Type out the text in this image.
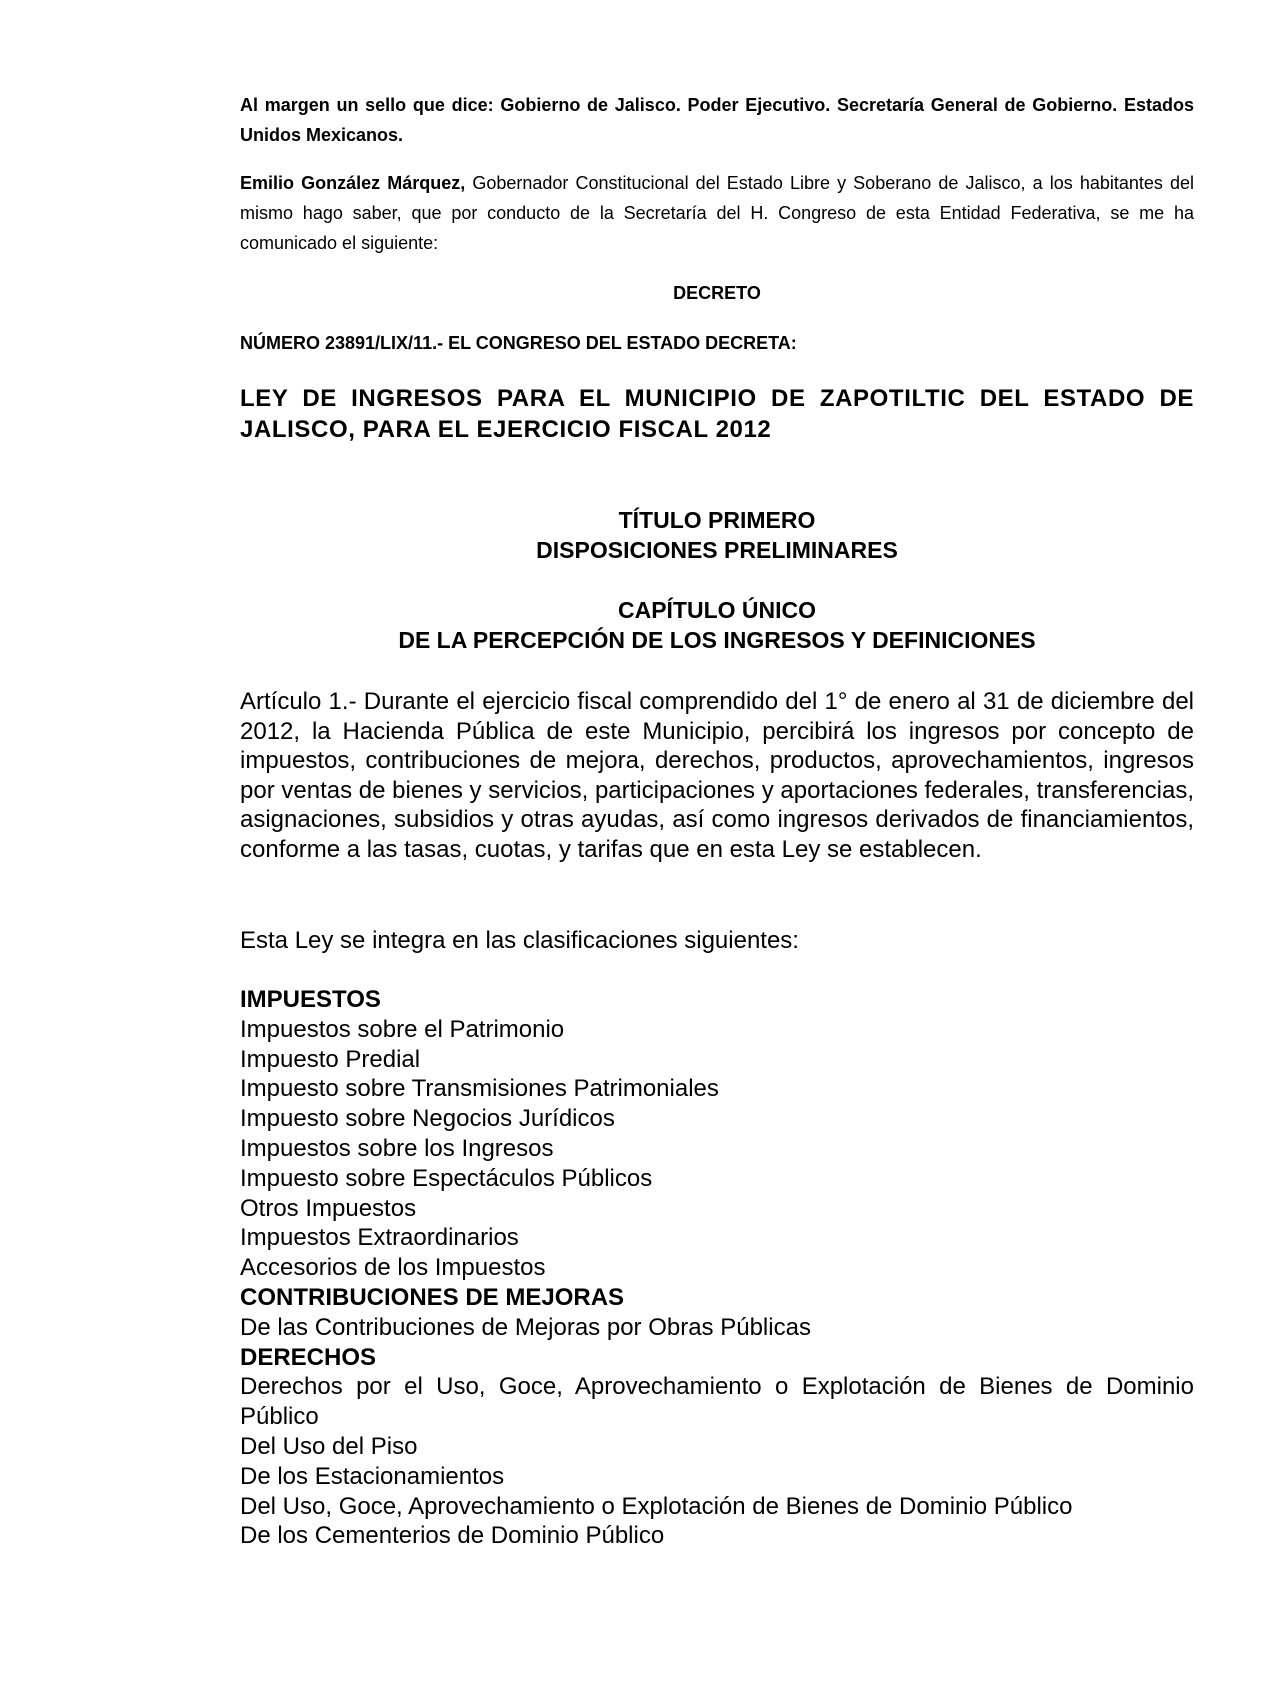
Al margen un sello que dice: Gobierno de Jalisco. Poder Ejecutivo. Secretaría General de Gobierno. Estados Unidos Mexicanos.

Emilio González Márquez, Gobernador Constitucional del Estado Libre y Soberano de Jalisco, a los habitantes del mismo hago saber, que por conducto de la Secretaría del H. Congreso de esta Entidad Federativa, se me ha comunicado el siguiente:

DECRETO
NÚMERO 23891/LIX/11.- EL CONGRESO DEL ESTADO DECRETA:

LEY DE INGRESOS PARA EL MUNICIPIO DE ZAPOTILTIC DEL ESTADO DE JALISCO, PARA EL EJERCICIO FISCAL 2012

TÍTULO PRIMERO
DISPOSICIONES PRELIMINARES
CAPÍTULO ÚNICO
DE LA PERCEPCIÓN DE LOS INGRESOS Y DEFINICIONES

Artículo 1.- Durante el ejercicio fiscal comprendido del 1° de enero al 31 de diciembre del 2012, la Hacienda Pública de este Municipio, percibirá los ingresos por concepto de impuestos, contribuciones de mejora, derechos, productos, aprovechamientos, ingresos por ventas de bienes y servicios, participaciones y aportaciones federales, transferencias, asignaciones, subsidios y otras ayudas, así como ingresos derivados de financiamientos, conforme a las tasas, cuotas, y tarifas que en esta Ley se establecen.

Esta Ley se integra en las clasificaciones siguientes:

IMPUESTOS
Impuestos sobre el Patrimonio
Impuesto Predial
Impuesto sobre Transmisiones Patrimoniales
Impuesto sobre Negocios Jurídicos
Impuestos sobre los Ingresos
Impuesto sobre Espectáculos Públicos
Otros Impuestos
Impuestos Extraordinarios
Accesorios de los Impuestos
CONTRIBUCIONES DE MEJORAS
De las Contribuciones de Mejoras por Obras Públicas
DERECHOS
Derechos por el Uso, Goce, Aprovechamiento o Explotación de Bienes de Dominio Público
Del Uso del Piso
De los Estacionamientos
Del Uso, Goce, Aprovechamiento o Explotación de Bienes de Dominio Público
De los Cementerios de Dominio Público
